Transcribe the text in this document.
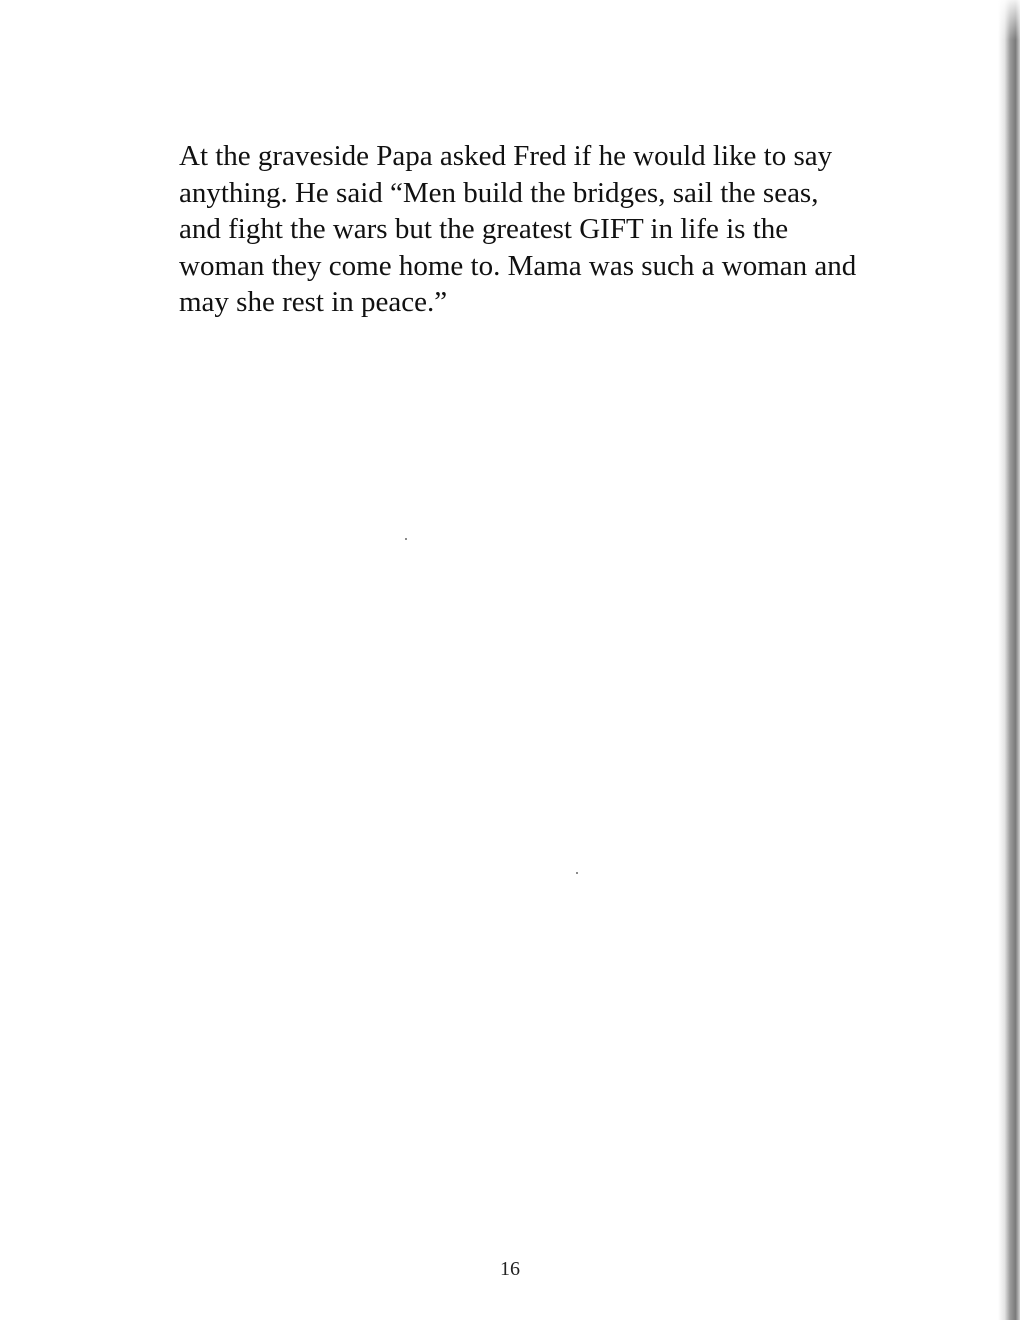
At the graveside Papa asked Fred if he would like to say
anything. He said “Men build the bridges, sail the seas,
and fight the wars but the greatest GIFT in life is the
woman they come home to. Mama was such a woman and
may she rest in peace.”

16
